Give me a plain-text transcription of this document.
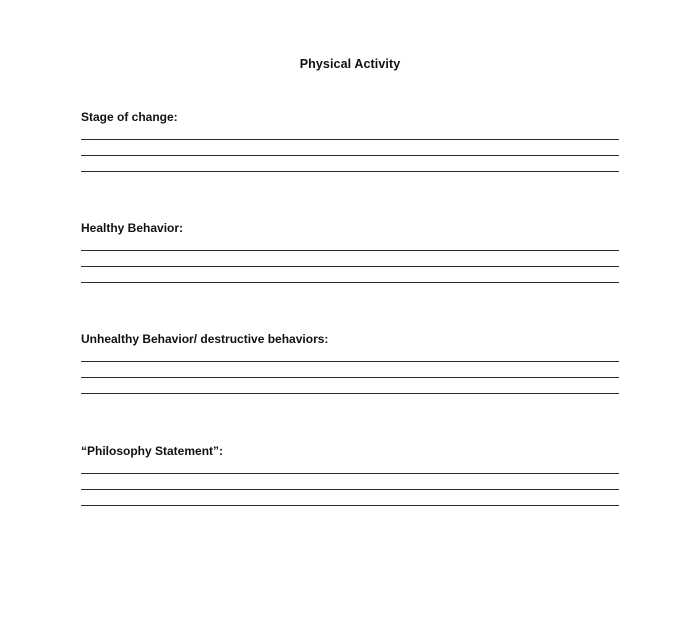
Physical Activity

Stage of change:

Healthy Behavior:

Unhealthy Behavior/ destructive behaviors:

“Philosophy Statement”:
